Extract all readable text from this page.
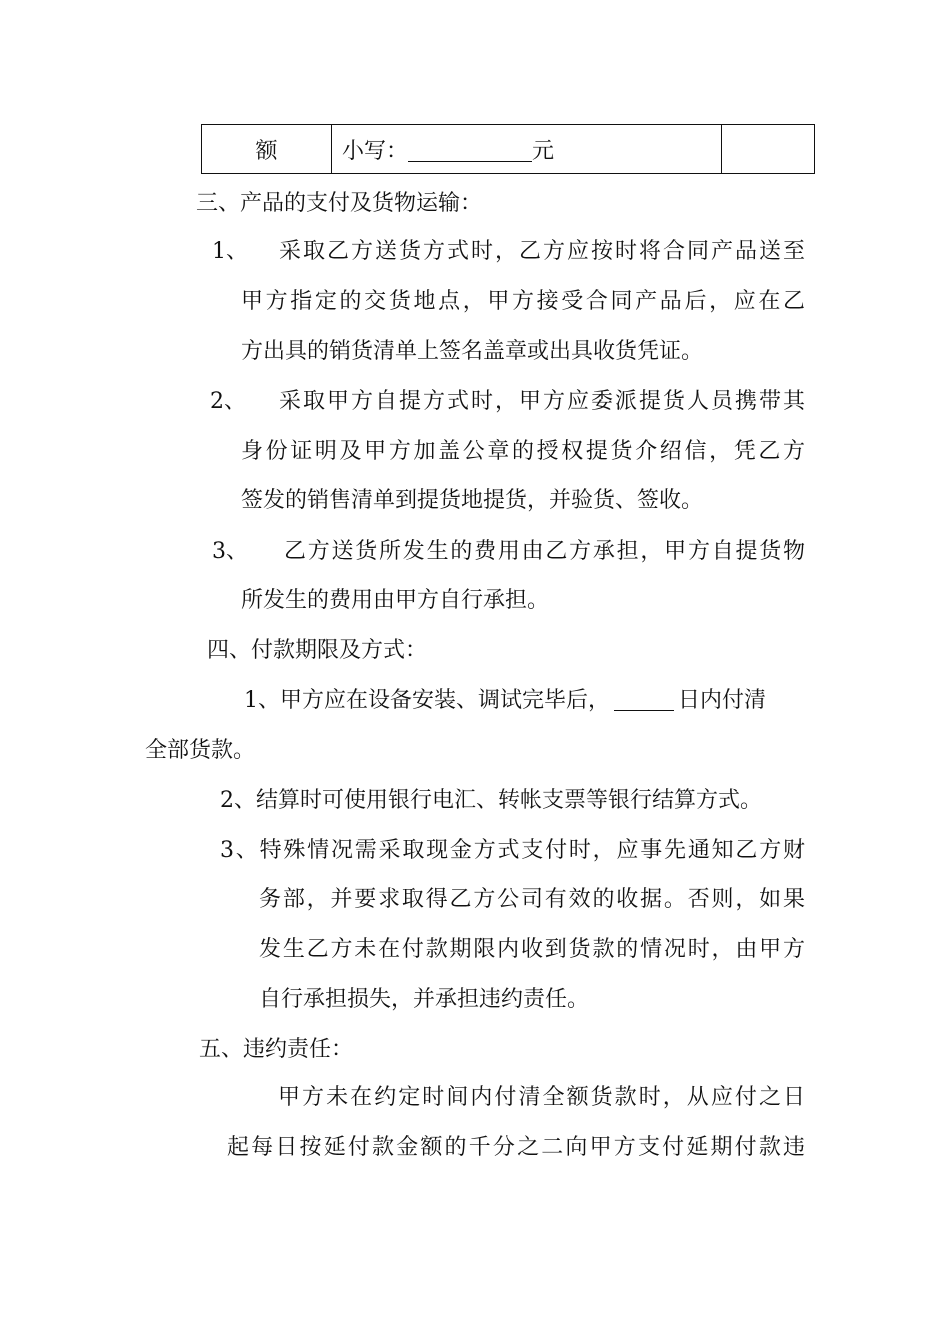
额	小写：	元
三、产品的支付及货物运输：
1、 采取乙方送货方式时，乙方应按时将合同产品送至
甲方指定的交货地点，甲方接受合同产品后，应在乙
方出具的销货清单上签名盖章或出具收货凭证。
2、 采取甲方自提方式时，甲方应委派提货人员携带其
身份证明及甲方加盖公章的授权提货介绍信，凭乙方
签发的销售清单到提货地提货，并验货、签收。
3、 乙方送货所发生的费用由乙方承担，甲方自提货物
所发生的费用由甲方自行承担。
四、付款期限及方式：
1、甲方应在设备安装、调试完毕后，	日内付清
全部货款。
2、结算时可使用银行电汇、转帐支票等银行结算方式。
3、特殊情况需采取现金方式支付时，应事先通知乙方财
务部，并要求取得乙方公司有效的收据。否则，如果
发生乙方未在付款期限内收到货款的情况时，由甲方
自行承担损失，并承担违约责任。
五、违约责任：
甲方未在约定时间内付清全额货款时，从应付之日
起每日按延付款金额的千分之二向甲方支付延期付款违
